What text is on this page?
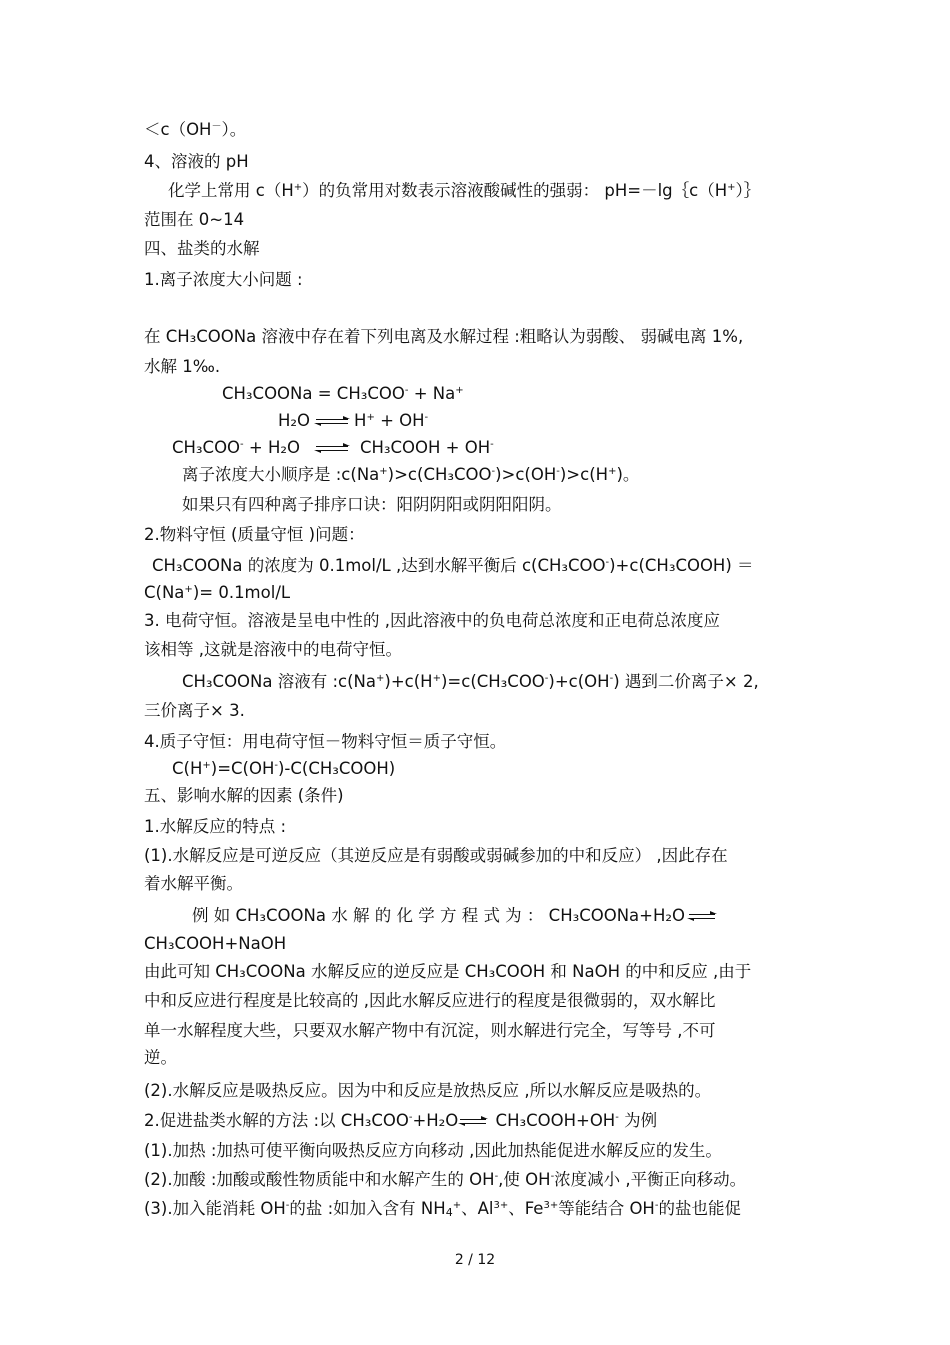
＜c（OH－）。
4、溶液的 pH
化学上常用 c（H+）的负常用对数表示溶液酸碱性的强弱： pH=－lg｛c（H+）｝
范围在 0~14
四、盐类的水解
1.离子浓度大小问题 :
在 CH₃COONa 溶液中存在着下列电离及水解过程 :粗略认为弱酸、 弱碱电离 1%,
水解 1‰.
CH₃COONa = CH₃COO- + Na+
H₂O	H+ + OH-
CH₃COO- + H₂O	CH₃COOH + OH-
离子浓度大小顺序是 :c(Na+)>c(CH₃COO-)>c(OH-)>c(H+)。
如果只有四种离子排序口诀：阳阴阴阳或阴阳阳阴。
2.物料守恒 (质量守恒 )问题：
CH₃COONa 的浓度为 0.1mol/L ,达到水解平衡后 c(CH₃COO-)+c(CH₃COOH) ＝
C(Na+)= 0.1mol/L
3. 电荷守恒。溶液是呈电中性的 ,因此溶液中的负电荷总浓度和正电荷总浓度应
该相等 ,这就是溶液中的电荷守恒。
CH₃COONa 溶液有 :c(Na+)+c(H+)=c(CH₃COO-)+c(OH-) 遇到二价离子× 2,
三价离子× 3.
4.质子守恒：用电荷守恒－物料守恒＝质子守恒。
C(H+)=C(OH-)-C(CH₃COOH)
五、影响水解的因素 (条件)
1.水解反应的特点 :
(1).水解反应是可逆反应（其逆反应是有弱酸或弱碱参加的中和反应） ,因此存在
着水解平衡。
例 如 CH₃COONa 水 解 的 化 学 方 程 式 为 ： CH₃COONa+H₂O
CH₃COOH+NaOH
由此可知 CH₃COONa 水解反应的逆反应是 CH₃COOH 和 NaOH 的中和反应 ,由于
中和反应进行程度是比较高的 ,因此水解反应进行的程度是很微弱的，双水解比
单一水解程度大些，只要双水解产物中有沉淀，则水解进行完全，写等号 ,不可
逆。
(2).水解反应是吸热反应。因为中和反应是放热反应 ,所以水解反应是吸热的。
2.促进盐类水解的方法 :以 CH₃COO-+H₂O
CH₃COOH+OH- 为例
(1).加热 :加热可使平衡向吸热反应方向移动 ,因此加热能促进水解反应的发生。
(2).加酸 :加酸或酸性物质能中和水解产生的 OH-,使 OH-浓度减小 ,平衡正向移动。
(3).加入能消耗 OH-的盐 :如加入含有 $NH_4^+$、$Al^{3+}$、$Fe^{3+}$等能结合 OH-的盐也能促
2 / 12
